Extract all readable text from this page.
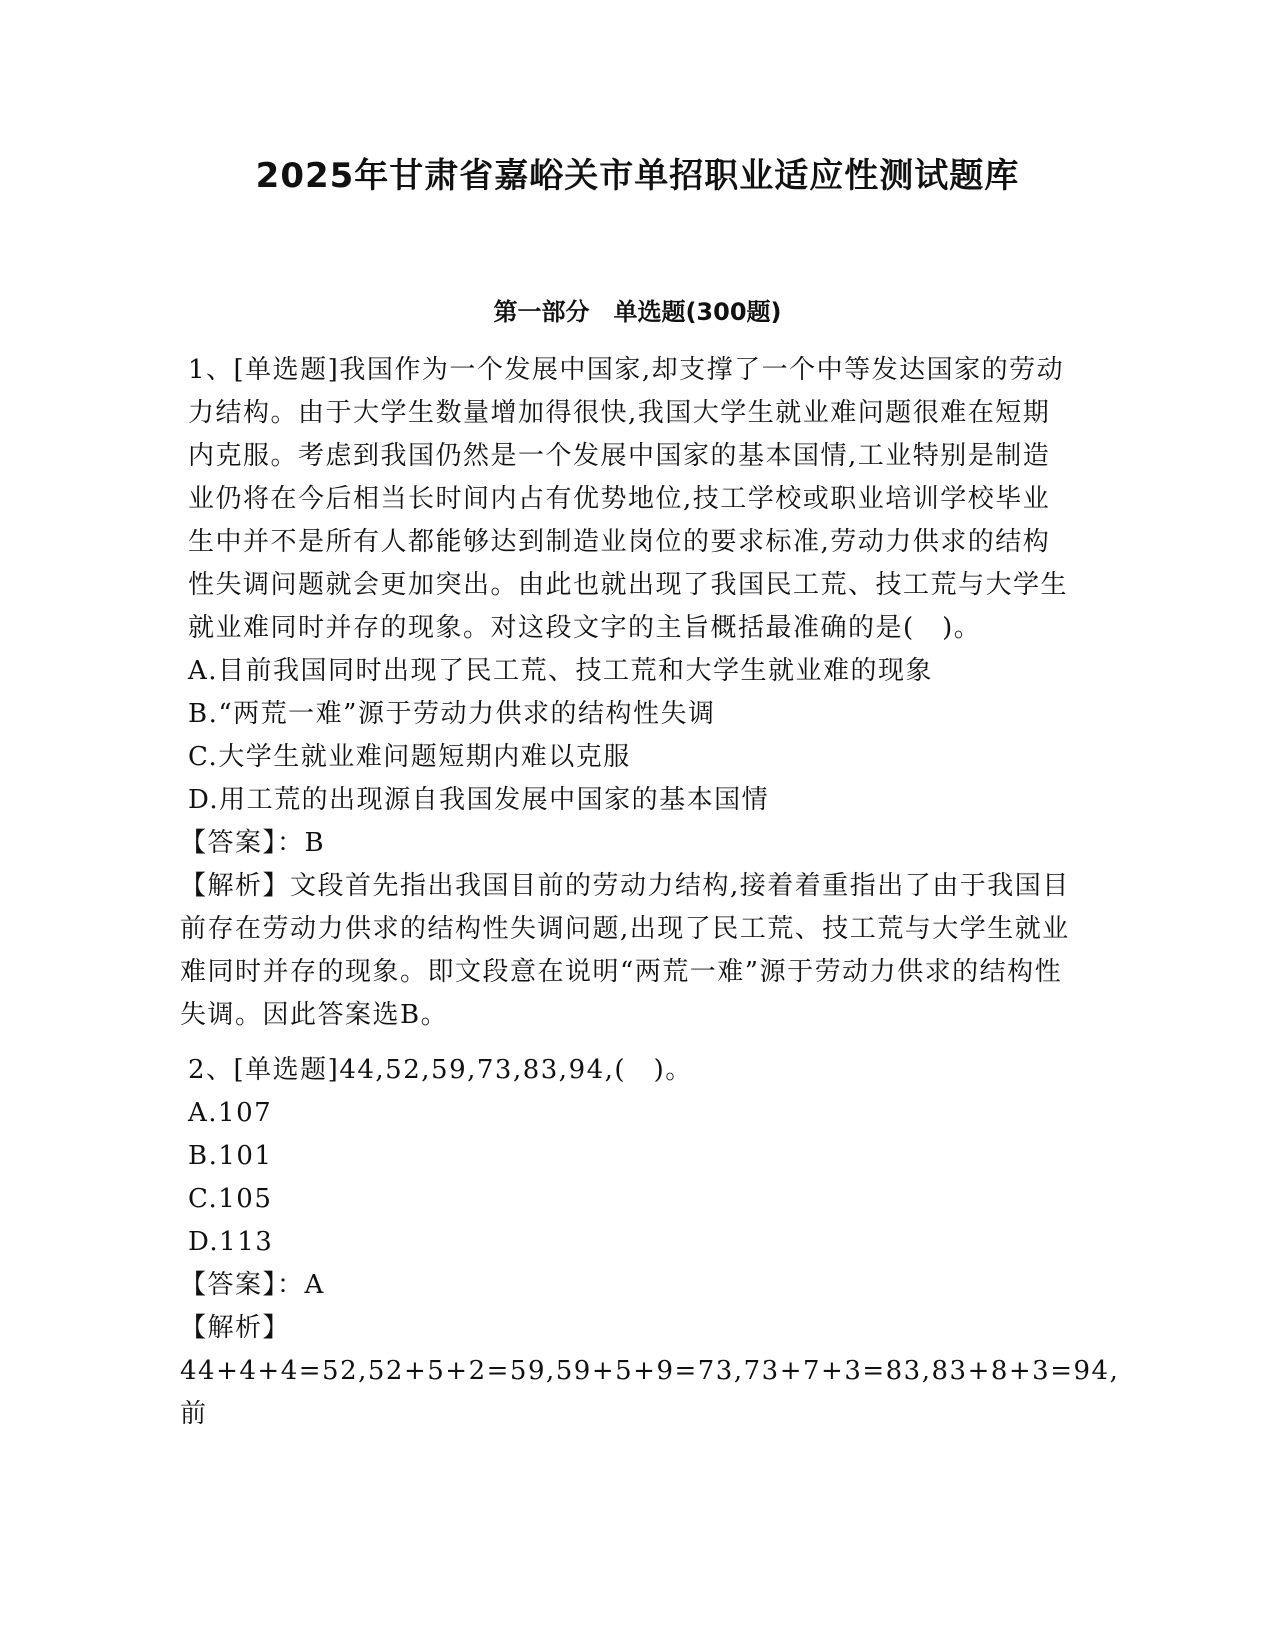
2025年甘肃省嘉峪关市单招职业适应性测试题库
第一部分　单选题(300题)

1、[单选题]我国作为一个发展中国家,却支撑了一个中等发达国家的劳动力结构。由于大学生数量增加得很快,我国大学生就业难问题很难在短期内克服。考虑到我国仍然是一个发展中国家的基本国情,工业特别是制造业仍将在今后相当长时间内占有优势地位,技工学校或职业培训学校毕业生中并不是所有人都能够达到制造业岗位的要求标准,劳动力供求的结构性失调问题就会更加突出。由此也就出现了我国民工荒、技工荒与大学生就业难同时并存的现象。对这段文字的主旨概括最准确的是(　)。

A.目前我国同时出现了民工荒、技工荒和大学生就业难的现象

B.“两荒一难”源于劳动力供求的结构性失调

C.大学生就业难问题短期内难以克服

D.用工荒的出现源自我国发展中国家的基本国情

【答案】：B

【解析】文段首先指出我国目前的劳动力结构,接着着重指出了由于我国目前存在劳动力供求的结构性失调问题,出现了民工荒、技工荒与大学生就业难同时并存的现象。即文段意在说明“两荒一难”源于劳动力供求的结构性失调。因此答案选B。

2、[单选题]44,52,59,73,83,94,(　)。

A.107

B.101

C.105

D.113

【答案】：A

【解析】44+4+4=52,52+5+2=59,59+5+9=73,73+7+3=83,83+8+3=94,前
